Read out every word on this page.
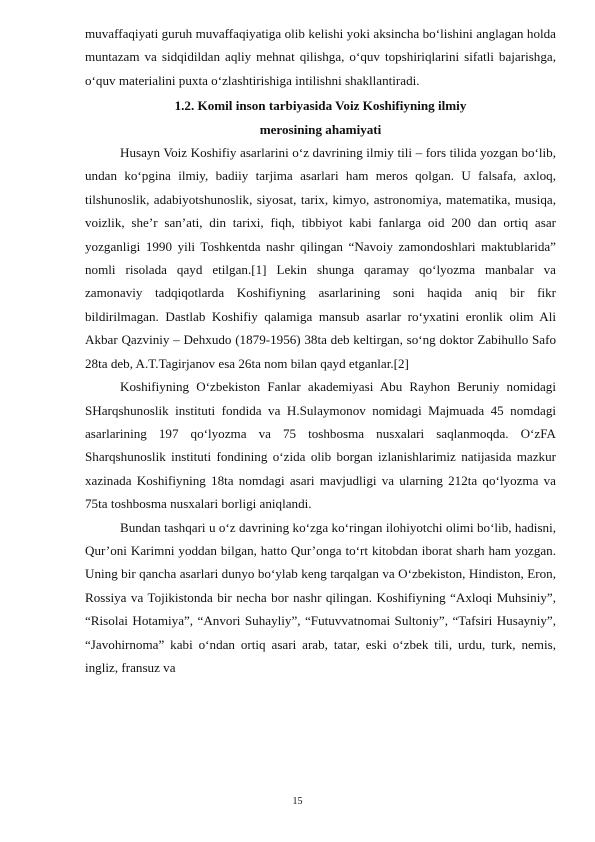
muvaffaqiyati guruh muvaffaqiyatiga olib kelishi yoki aksincha bo‘lishini anglagan holda muntazam va sidqidildan aqliy mehnat qilishga, o‘quv topshiriqlarini sifatli bajarishga, o‘quv materialini puxta o‘zlashtirishiga intilishni shakllantiradi.

1.2. Komil inson tarbiyasida Voiz Koshifiyning ilmiy
merosining ahamiyati

Husayn Voiz Koshifiy asarlarini o‘z davrining ilmiy tili – fors tilida yozgan bo‘lib, undan ko‘pgina ilmiy, badiiy tarjima asarlari ham meros qolgan. U falsafa, axloq, tilshunoslik, adabiyotshunoslik, siyosat, tarix, kimyo, astronomiya, matematika, musiqa, voizlik, she’r san’ati, din tarixi, fiqh, tibbiyot kabi fanlarga oid 200 dan ortiq asar yozganligi 1990 yili Toshkentda nashr qilingan “Navoiy zamondoshlari maktublarida” nomli risolada qayd etilgan.[1] Lekin shunga qaramay qo‘lyozma manbalar va zamonaviy tadqiqotlarda Koshifiyning asarlarining soni haqida aniq bir fikr bildirilmagan. Dastlab Koshifiy qalamiga mansub asarlar ro‘yxatini eronlik olim Ali Akbar Qazviniy – Dehxudo (1879-1956) 38ta deb keltirgan, so‘ng doktor Zabihullo Safo 28ta deb, A.T.Tagirjanov esa 26ta nom bilan qayd etganlar.[2]

Koshifiyning O‘zbekiston Fanlar akademiyasi Abu Rayhon Beruniy nomidagi SHarqshunoslik instituti fondida va H.Sulaymonov nomidagi Majmuada 45 nomdagi asarlarining 197 qo‘lyozma va 75 toshbosma nusxalari saqlanmoqda. O‘zFA Sharqshunoslik instituti fondining o‘zida olib borgan izlanishlarimiz natijasida mazkur xazinada Koshifiyning 18ta nomdagi asari mavjudligi va ularning 212ta qo‘lyozma va 75ta toshbosma nusxalari borligi aniqlandi.

Bundan tashqari u o‘z davrining ko‘zga ko‘ringan ilohiyotchi olimi bo‘lib, hadisni, Qur’oni Karimni yoddan bilgan, hatto Qur’onga to‘rt kitobdan iborat sharh ham yozgan. Uning bir qancha asarlari dunyo bo‘ylab keng tarqalgan va O‘zbekiston, Hindiston, Eron, Rossiya va Tojikistonda bir necha bor nashr qilingan. Koshifiyning “Axloqi Muhsiniy”, “Risolai Hotamiya”, “Anvori Suhayliy”, “Futuvvatnomai Sultoniy”, “Tafsiri Husayniy”, “Javohirnoma” kabi o‘ndan ortiq asari arab, tatar, eski o‘zbek tili, urdu, turk, nemis, ingliz, fransuz va

15
